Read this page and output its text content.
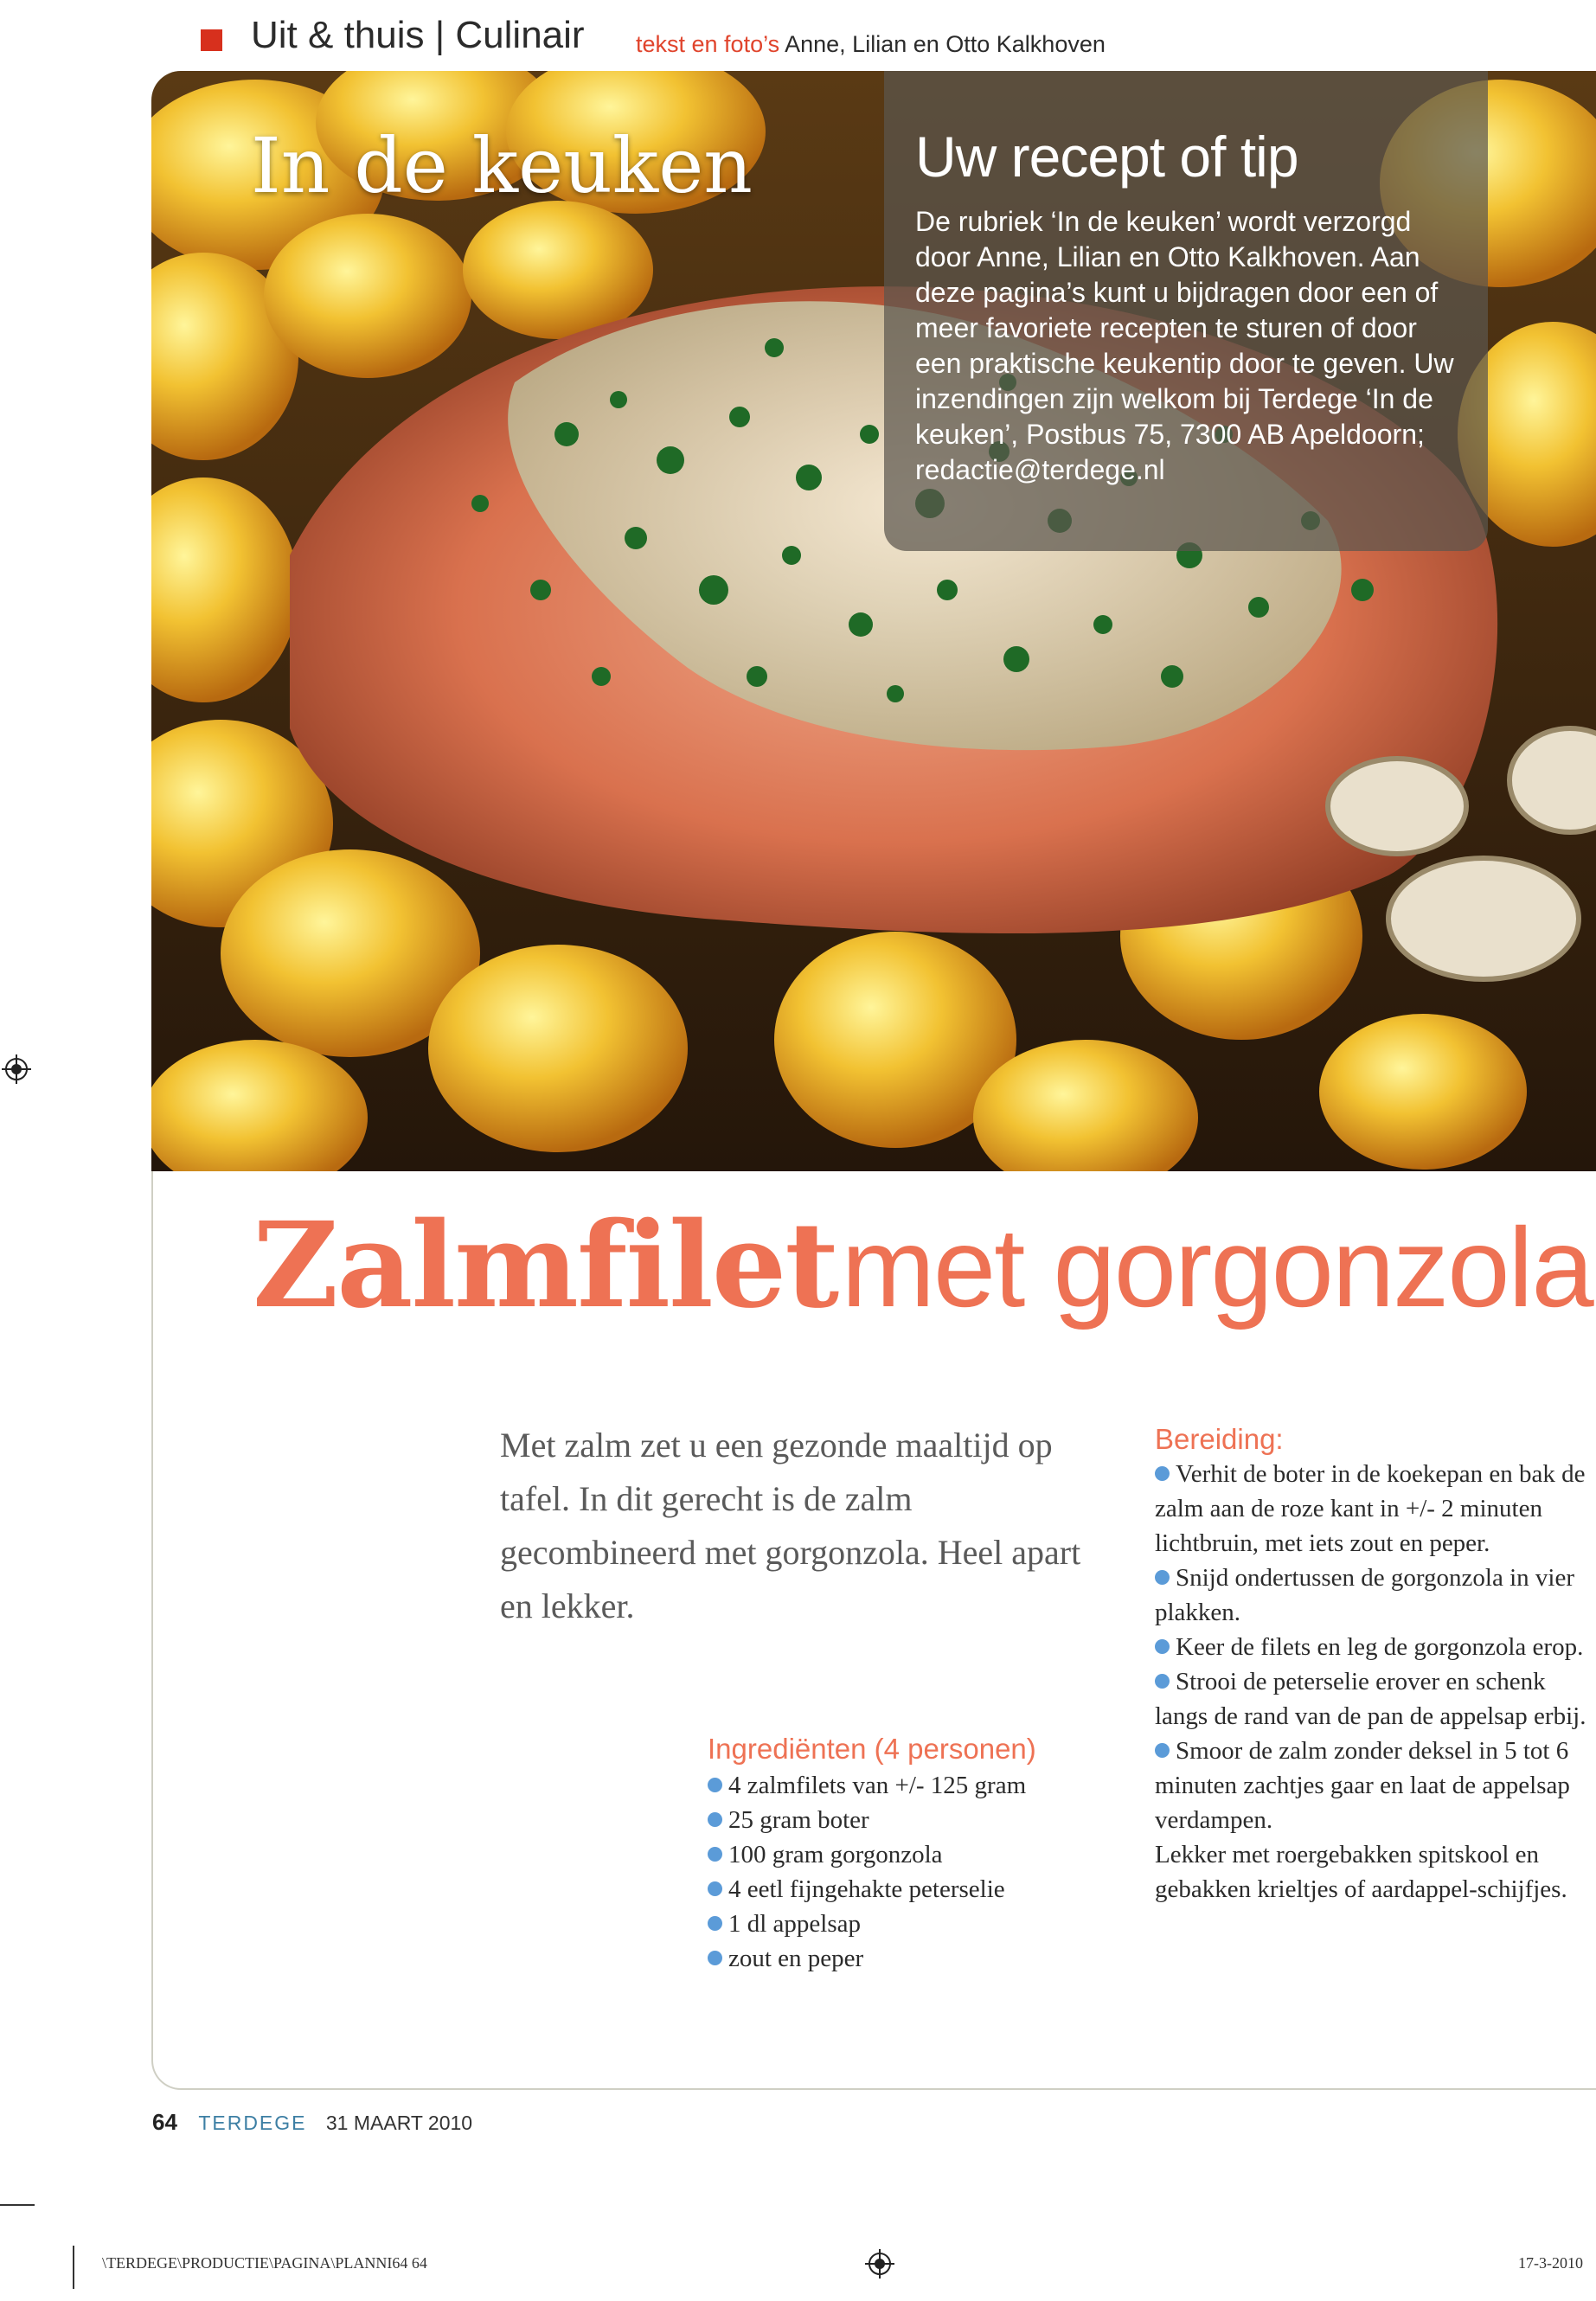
Uit & thuis | Culinair tekst en foto’s Anne, Lilian en Otto Kalkhoven
In de keuken	Uw recept of tip
De rubriek ‘In de keuken’ wordt verzorgd door Anne, Lilian en Otto Kalkhoven. Aan deze pagina’s kunt u bijdragen door een of meer favoriete recepten te sturen of door een praktische keukentip door te geven. Uw inzendingen zijn welkom bij Terdege ‘In de keuken’, Postbus 75, 7300 AB Apeldoorn; redactie@terdege.nl
Zalmfilet met gorgonzola
Met zalm zet u een gezonde maaltijd op tafel. In dit gerecht is de zalm gecombineerd met gorgonzola. Heel apart en lekker.
Ingrediënten (4 personen)
4 zalmfilets van +/- 125 gram
25 gram boter
100 gram gorgonzola
4 eetl fijngehakte peterselie
1 dl appelsap
zout en peper
Bereiding:

Verhit de boter in de koekepan en bak de zalm aan de roze kant in +/- 2 minuten lichtbruin, met iets zout en peper.

Snijd ondertussen de gorgonzola in vier plakken.

Keer de filets en leg de gorgonzola erop.

Strooi de peterselie erover en schenk langs de rand van de pan de appelsap erbij.

Smoor de zalm zonder deksel in 5 tot 6 minuten zachtjes gaar en laat de appelsap verdampen.

Lekker met roergebakken spitskool en gebakken krieltjes of aardappel-schijfjes.

64 TERDEGE 31 MAART 2010
\TERDEGE\PRODUCTIE\PAGINA\PLANNI64 64	17-3-2010
